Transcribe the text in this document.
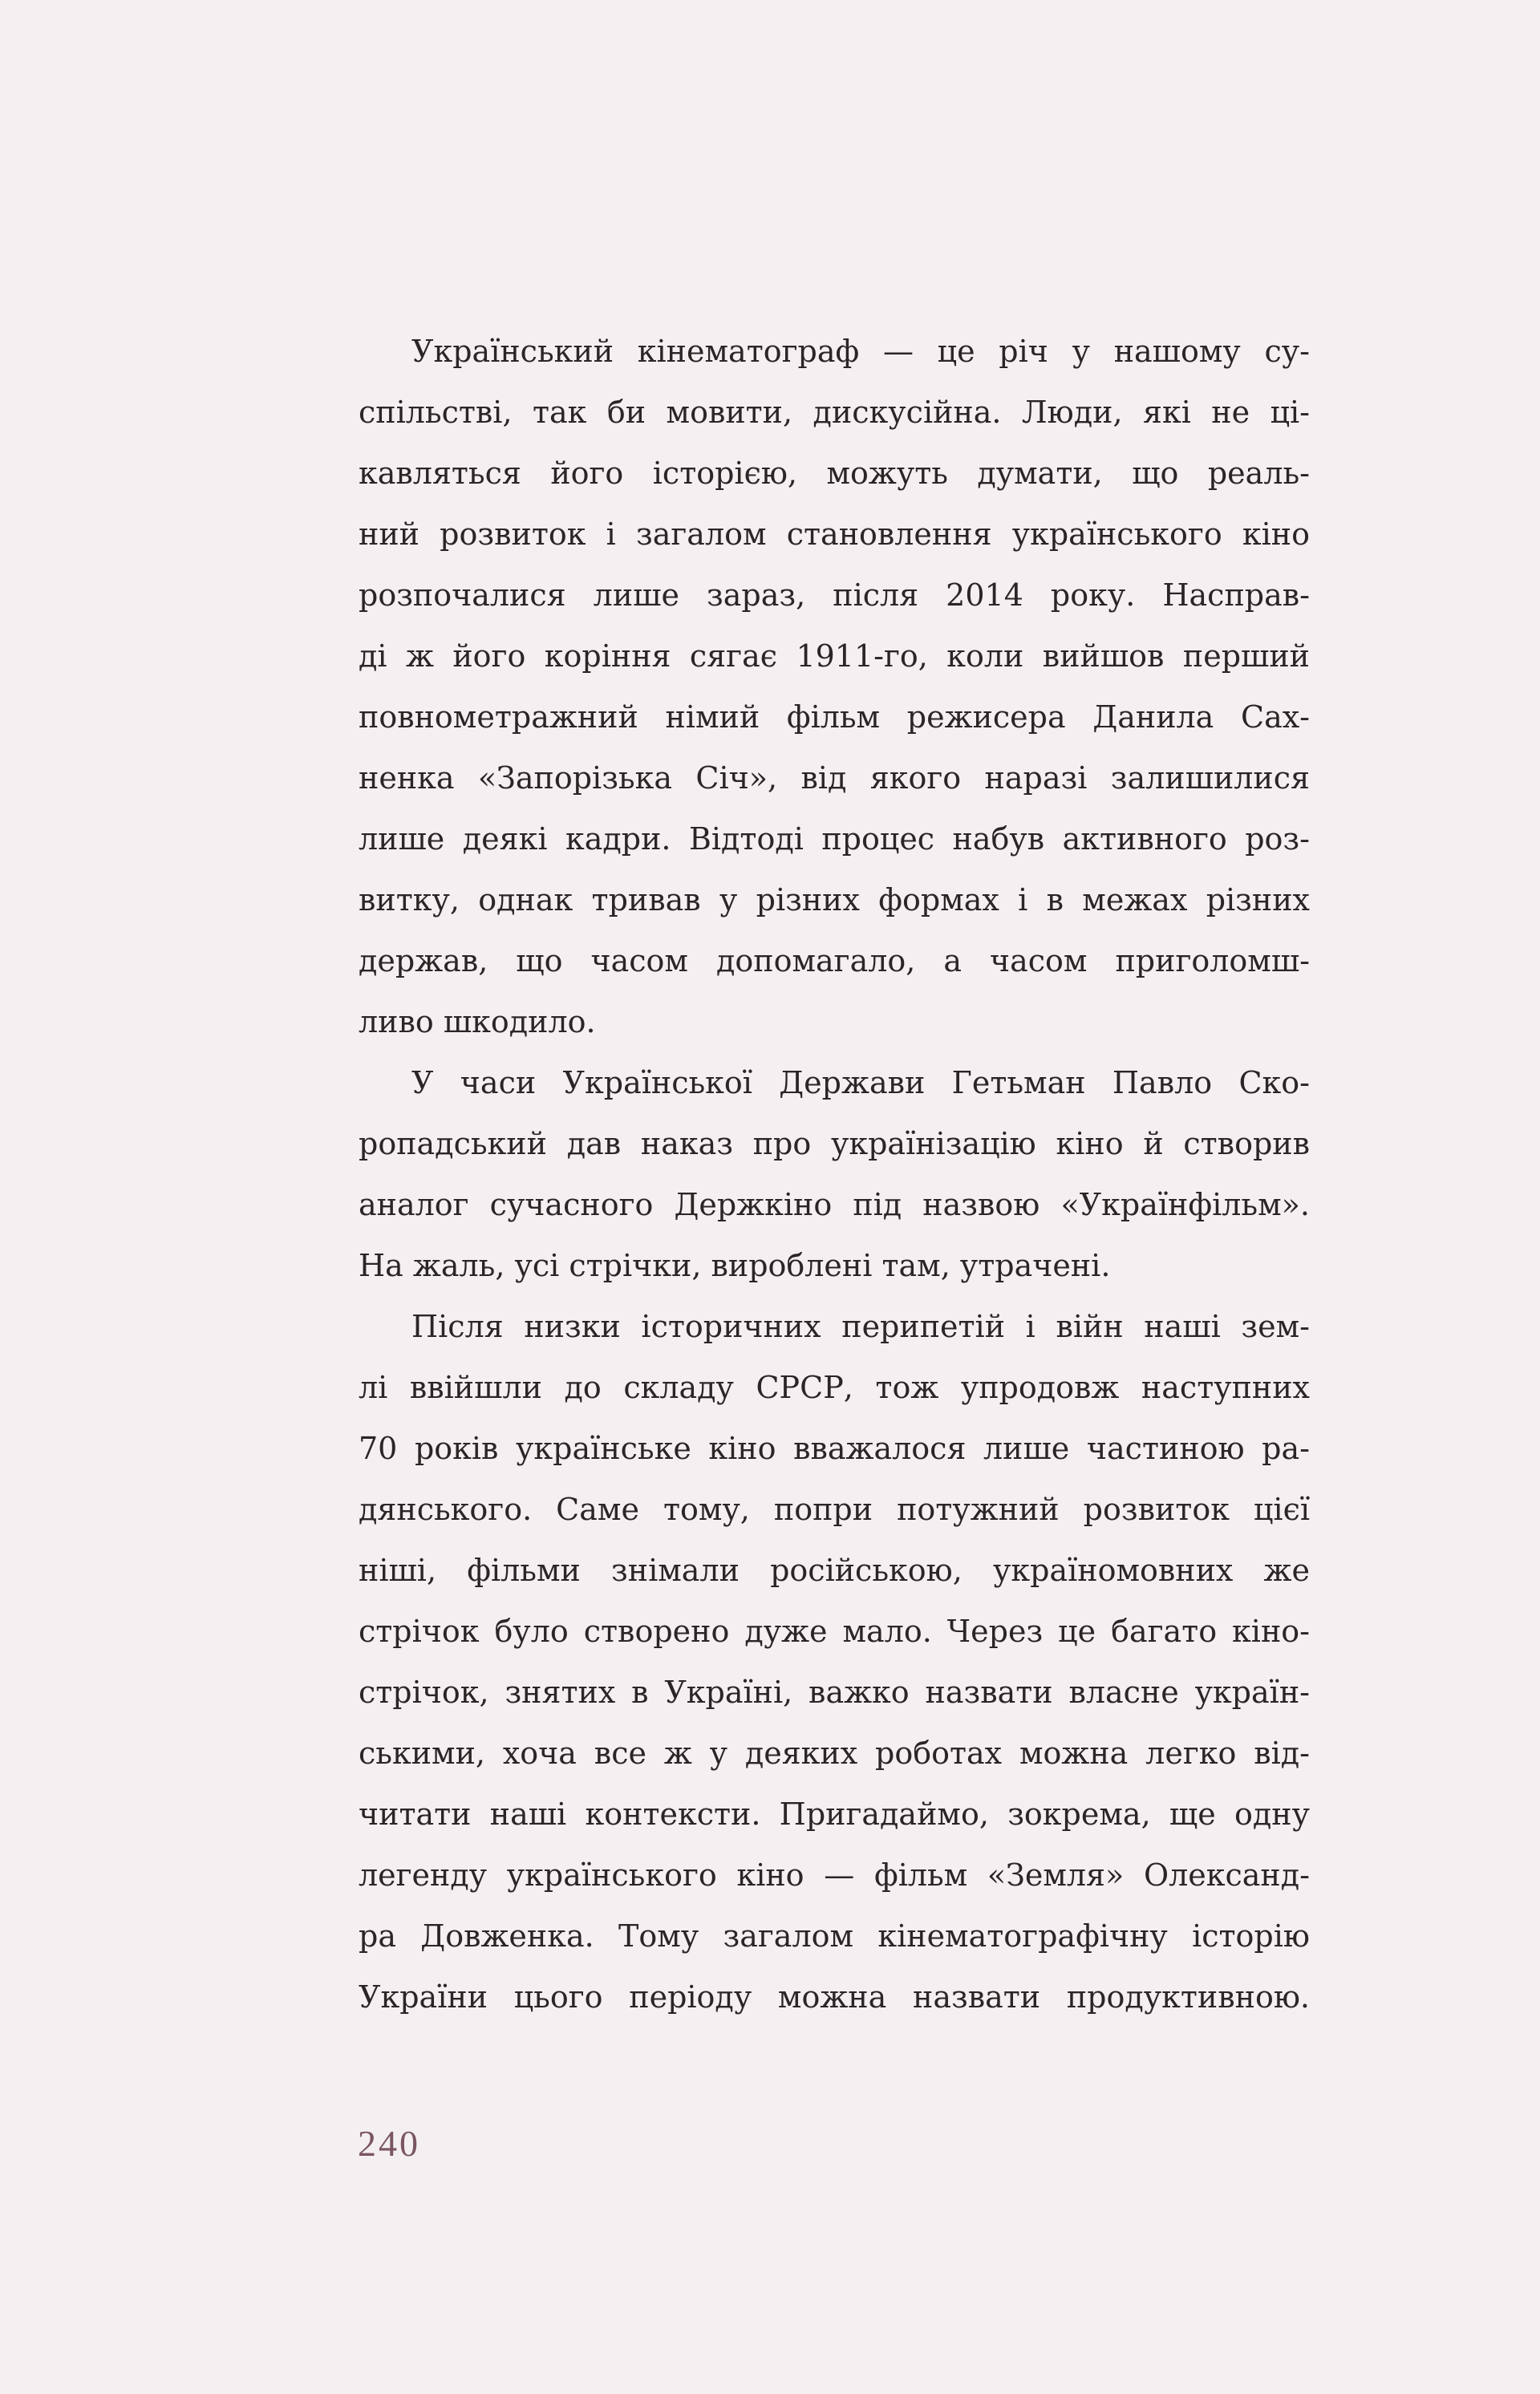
Український кінематограф — це річ у нашому су-
спільстві, так би мовити, дискусійна. Люди, які не ці-
кавляться його історією, можуть думати, що реаль-
ний розвиток і загалом становлення українського кіно
розпочалися лише зараз, після 2014 року. Насправ-
ді ж його коріння сягає 1911-го, коли вийшов перший
повнометражний німий фільм режисера Данила Сах-
ненка «Запорізька Січ», від якого наразі залишилися
лише деякі кадри. Відтоді процес набув активного роз-
витку, однак тривав у різних формах і в межах різних
держав, що часом допомагало, а часом приголомш-
ливо шкодило.
У часи Української Держави Гетьман Павло Ско-
ропадський дав наказ про українізацію кіно й створив
аналог сучасного Держкіно під назвою «Українфільм».
На жаль, усі стрічки, вироблені там, утрачені.
Після низки історичних перипетій і війн наші зем-
лі ввійшли до складу СРСР, тож упродовж наступних
70 років українське кіно вважалося лише частиною ра-
дянського. Саме тому, попри потужний розвиток цієї
ніші, фільми знімали російською, україномовних же
стрічок було створено дуже мало. Через це багато кіно-
стрічок, знятих в Україні, важко назвати власне україн-
ськими, хоча все ж у деяких роботах можна легко від-
читати наші контексти. Пригадаймо, зокрема, ще одну
легенду українського кіно — фільм «Земля» Олександ-
ра Довженка. Тому загалом кінематографічну історію
України цього періоду можна назвати продуктивною.
240
